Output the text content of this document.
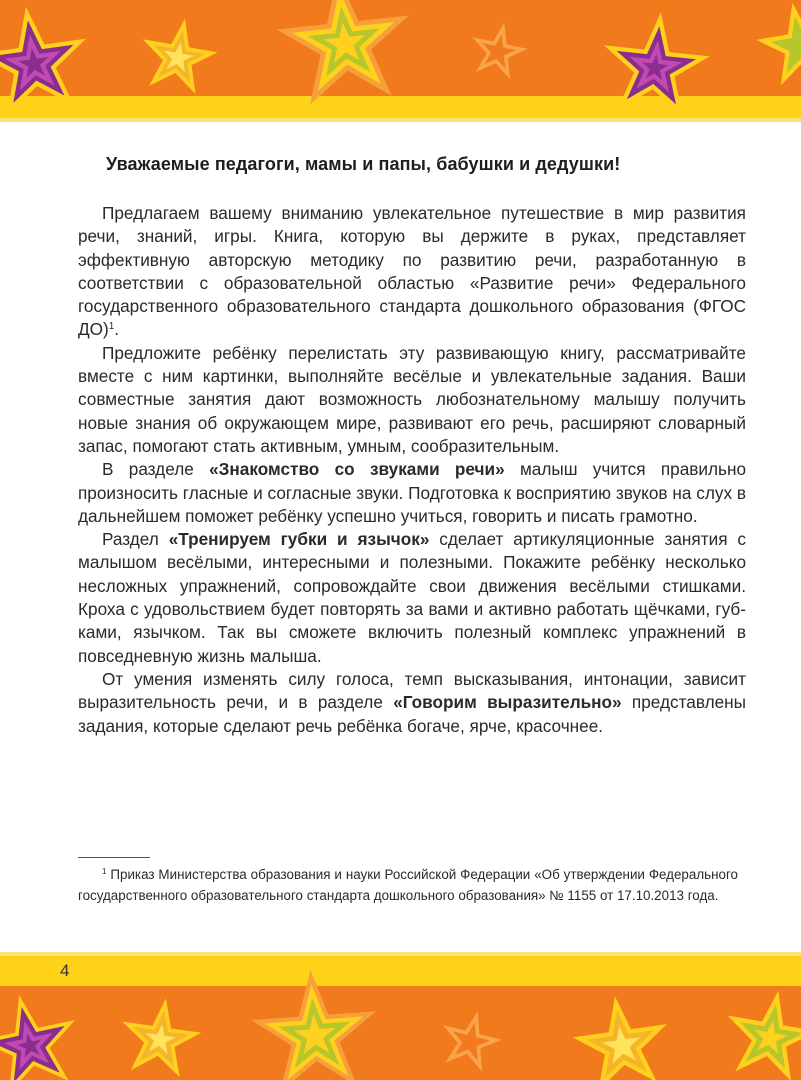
Уважаемые педагоги, мамы и папы, бабушки и дедушки!

Предлагаем вашему вниманию увлекательное путешествие в мир развития речи, знаний, игры. Книга, которую вы держите в руках, представляет эффективную авторскую методику по развитию речи, разработанную в соответствии с образовательной областью «Развитие речи» Федерального государственного образовательного стандарта дошкольного образования (ФГОС ДО)$^1$.

Предложите ребёнку перелистать эту развивающую книгу, рассматривайте вместе с ним картинки, выполняйте весёлые и увлекательные задания. Ваши совместные занятия дают возможность любознательному малышу получить новые знания об окружающем мире, развивают его речь, расширяют словарный запас, помогают стать активным, умным, сообразительным.

В разделе «Знакомство со звуками речи» малыш учится правильно произносить гласные и согласные звуки. Подготовка к восприятию звуков на слух в дальнейшем поможет ребёнку успешно учиться, говорить и писать грамотно.

Раздел «Тренируем губки и язычок» сделает артикуляционные занятия с малышом весёлыми, интересными и полезными. Покажите ребёнку несколько несложных упражнений, сопровождайте свои движения весёлыми стишками. Кроха с удовольствием будет повторять за вами и активно работать щёчками, губками, язычком. Так вы сможете включить полезный комплекс упражнений в повседневную жизнь малыша.

От умения изменять силу голоса, темп высказывания, интонации, зависит выразительность речи, и в разделе «Говорим выразительно» представлены задания, которые сделают речь ребёнка богаче, ярче, красочнее.

$^1$ Приказ Министерства образования и науки Российской Федерации «Об утверждении Федерального государственного образовательного стандарта дошкольного образования» № 1155 от 17.10.2013 года.

4
